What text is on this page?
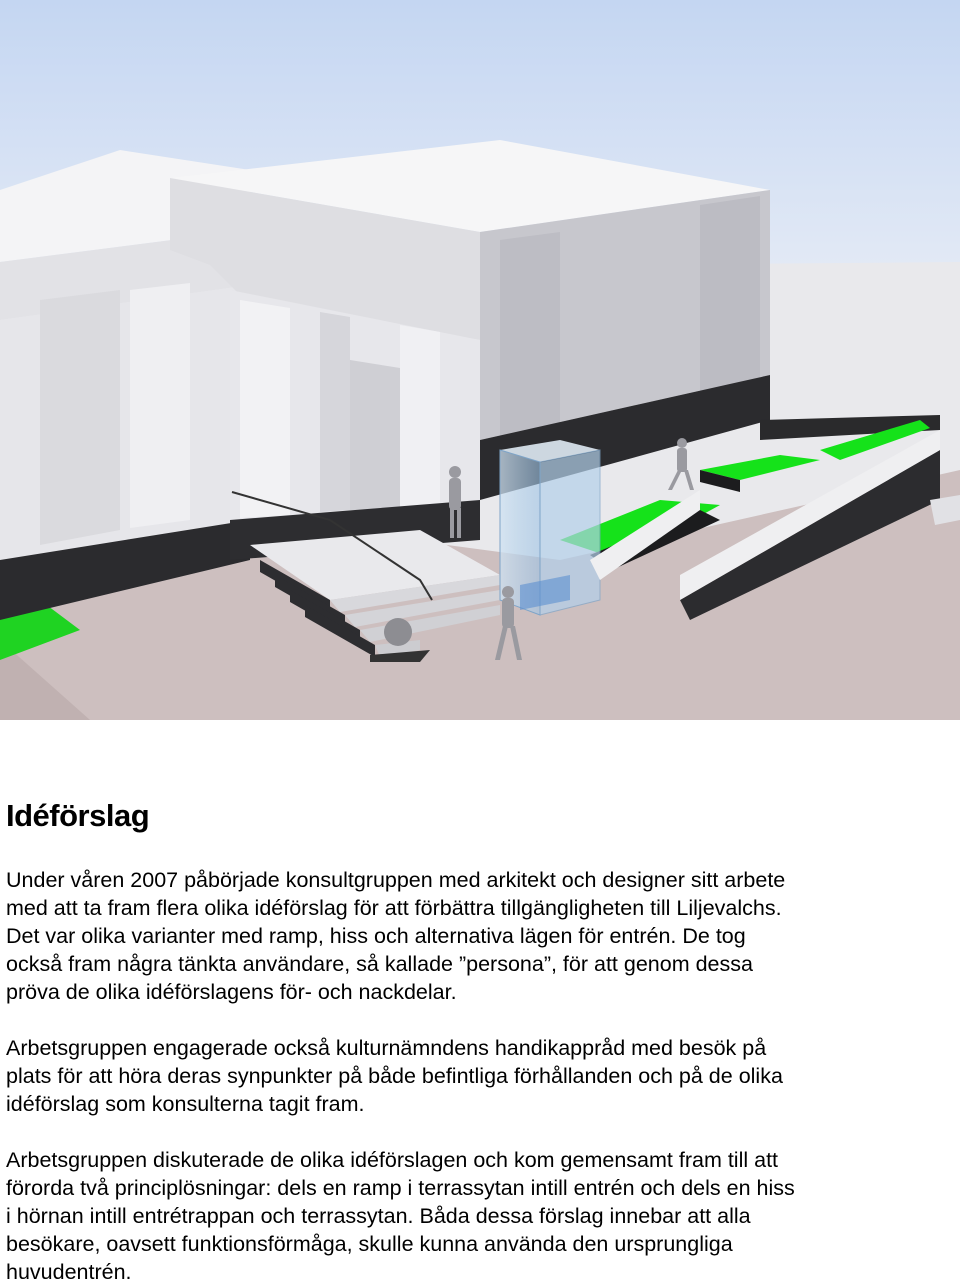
Idéförslag

Under våren 2007 påbörjade konsultgruppen med arkitekt och designer sitt arbete
med att ta fram flera olika idéförslag för att förbättra tillgängligheten till Liljevalchs.
Det var olika varianter med ramp, hiss och alternativa lägen för entrén. De tog
också fram några tänkta användare, så kallade ”persona”, för att genom dessa
pröva de olika idéförslagens för- och nackdelar.

Arbetsgruppen engagerade också kulturnämndens handikappråd med besök på
plats för att höra deras synpunkter på både befintliga förhållanden och på de olika
idéförslag som konsulterna tagit fram.

Arbetsgruppen diskuterade de olika idéförslagen och kom gemensamt fram till att
förorda två principlösningar: dels en ramp i terrassytan intill entrén och dels en hiss
i hörnan intill entrétrappan och terrassytan. Båda dessa förslag innebar att alla
besökare, oavsett funktionsförmåga, skulle kunna använda den ursprungliga
huvudentrén.
